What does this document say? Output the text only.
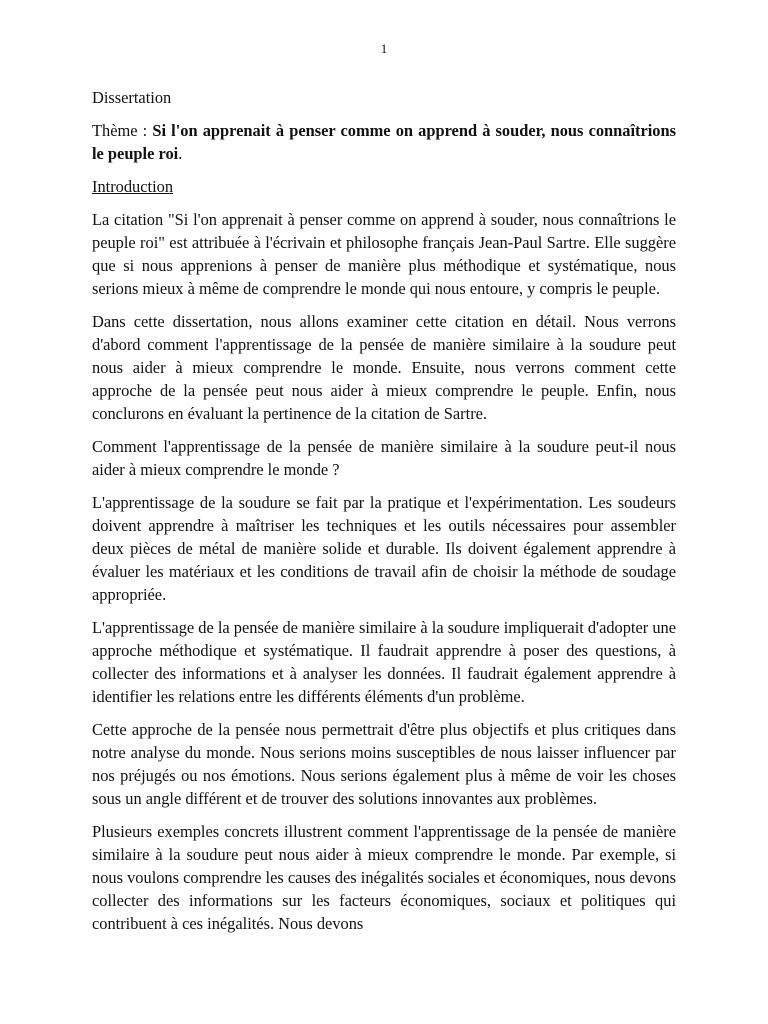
1
Dissertation

Thème : Si l'on apprenait à penser comme on apprend à souder, nous connaîtrions le peuple roi.

Introduction

La citation "Si l'on apprenait à penser comme on apprend à souder, nous connaîtrions le peuple roi" est attribuée à l'écrivain et philosophe français Jean-Paul Sartre. Elle suggère que si nous apprenions à penser de manière plus méthodique et systématique, nous serions mieux à même de comprendre le monde qui nous entoure, y compris le peuple.

Dans cette dissertation, nous allons examiner cette citation en détail. Nous verrons d'abord comment l'apprentissage de la pensée de manière similaire à la soudure peut nous aider à mieux comprendre le monde. Ensuite, nous verrons comment cette approche de la pensée peut nous aider à mieux comprendre le peuple. Enfin, nous conclurons en évaluant la pertinence de la citation de Sartre.

Comment l'apprentissage de la pensée de manière similaire à la soudure peut-il nous aider à mieux comprendre le monde ?

L'apprentissage de la soudure se fait par la pratique et l'expérimentation. Les soudeurs doivent apprendre à maîtriser les techniques et les outils nécessaires pour assembler deux pièces de métal de manière solide et durable. Ils doivent également apprendre à évaluer les matériaux et les conditions de travail afin de choisir la méthode de soudage appropriée.

L'apprentissage de la pensée de manière similaire à la soudure impliquerait d'adopter une approche méthodique et systématique. Il faudrait apprendre à poser des questions, à collecter des informations et à analyser les données. Il faudrait également apprendre à identifier les relations entre les différents éléments d'un problème.

Cette approche de la pensée nous permettrait d'être plus objectifs et plus critiques dans notre analyse du monde. Nous serions moins susceptibles de nous laisser influencer par nos préjugés ou nos émotions. Nous serions également plus à même de voir les choses sous un angle différent et de trouver des solutions innovantes aux problèmes.

Plusieurs exemples concrets illustrent comment l'apprentissage de la pensée de manière similaire à la soudure peut nous aider à mieux comprendre le monde. Par exemple, si nous voulons comprendre les causes des inégalités sociales et économiques, nous devons collecter des informations sur les facteurs économiques, sociaux et politiques qui contribuent à ces inégalités. Nous devons
